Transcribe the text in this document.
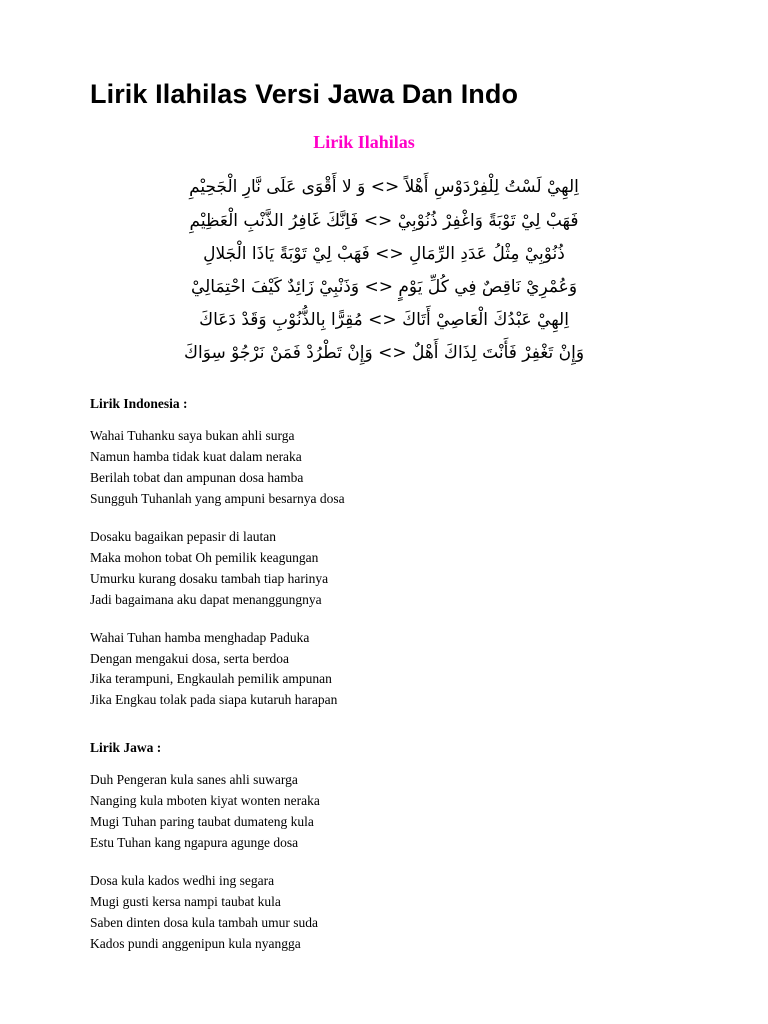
Lirik Ilahilas Versi Jawa Dan Indo
Lirik Ilahilas
اِلهِيْ لَسْتُ لِلْفِرْدَوْسِ أَهْلاً <> وَ لا أَقْوَى عَلَى نَّارِ الْجَحِيْمِ
فَهَبْ لِيْ تَوْبَةً وَاغْفِرْ ذُنُوْبِيْ <> فَاِنَّكَ غَافِرُ الذَّنْبِ الْعَظِيْمِ
ذُنُوْبِيْ مِثْلُ عَدَدِ الرِّمَالِ <> فَهَبْ لِيْ تَوْبَةً يَاذَا الْجَلالِ
وَعُمْرِيْ نَاقِصٌ فِي كُلِّ يَوْمٍ <> وَذَنْبِيْ زَائِدٌ كَيْفَ احْتِمَالِيْ
اِلهِيْ عَبْدُكَ الْعَاصِيْ أَتَاكَ <> مُقِرًّا بِالذُّنُوْبِ وَقَدْ دَعَاكَ
وَإِنْ تَغْفِرْ فَأَنْتَ لِذَاكَ أَهْلٌ <> وَإِنْ تَطْرُدْ فَمَنْ نَرْجُوْ سِوَاكَ
Lirik Indonesia :
Wahai Tuhanku saya bukan ahli surga
Namun hamba tidak kuat dalam neraka
Berilah tobat dan ampunan dosa hamba
Sungguh Tuhanlah yang ampuni besarnya dosa
Dosaku bagaikan pepasir di lautan
Maka mohon tobat Oh pemilik keagungan
Umurku kurang dosaku tambah tiap harinya
Jadi bagaimana aku dapat menanggungnya
Wahai Tuhan hamba menghadap Paduka
Dengan mengakui dosa, serta berdoa
Jika terampuni, Engkaulah pemilik ampunan
Jika Engkau tolak pada siapa kutaruh harapan
Lirik Jawa :
Duh Pengeran kula sanes ahli suwarga
Nanging kula mboten kiyat wonten neraka
Mugi Tuhan paring taubat dumateng kula
Estu Tuhan kang ngapura agunge dosa
Dosa kula kados wedhi ing segara
Mugi gusti kersa nampi taubat kula
Saben dinten dosa kula tambah umur suda
Kados pundi anggenipun kula nyangga
